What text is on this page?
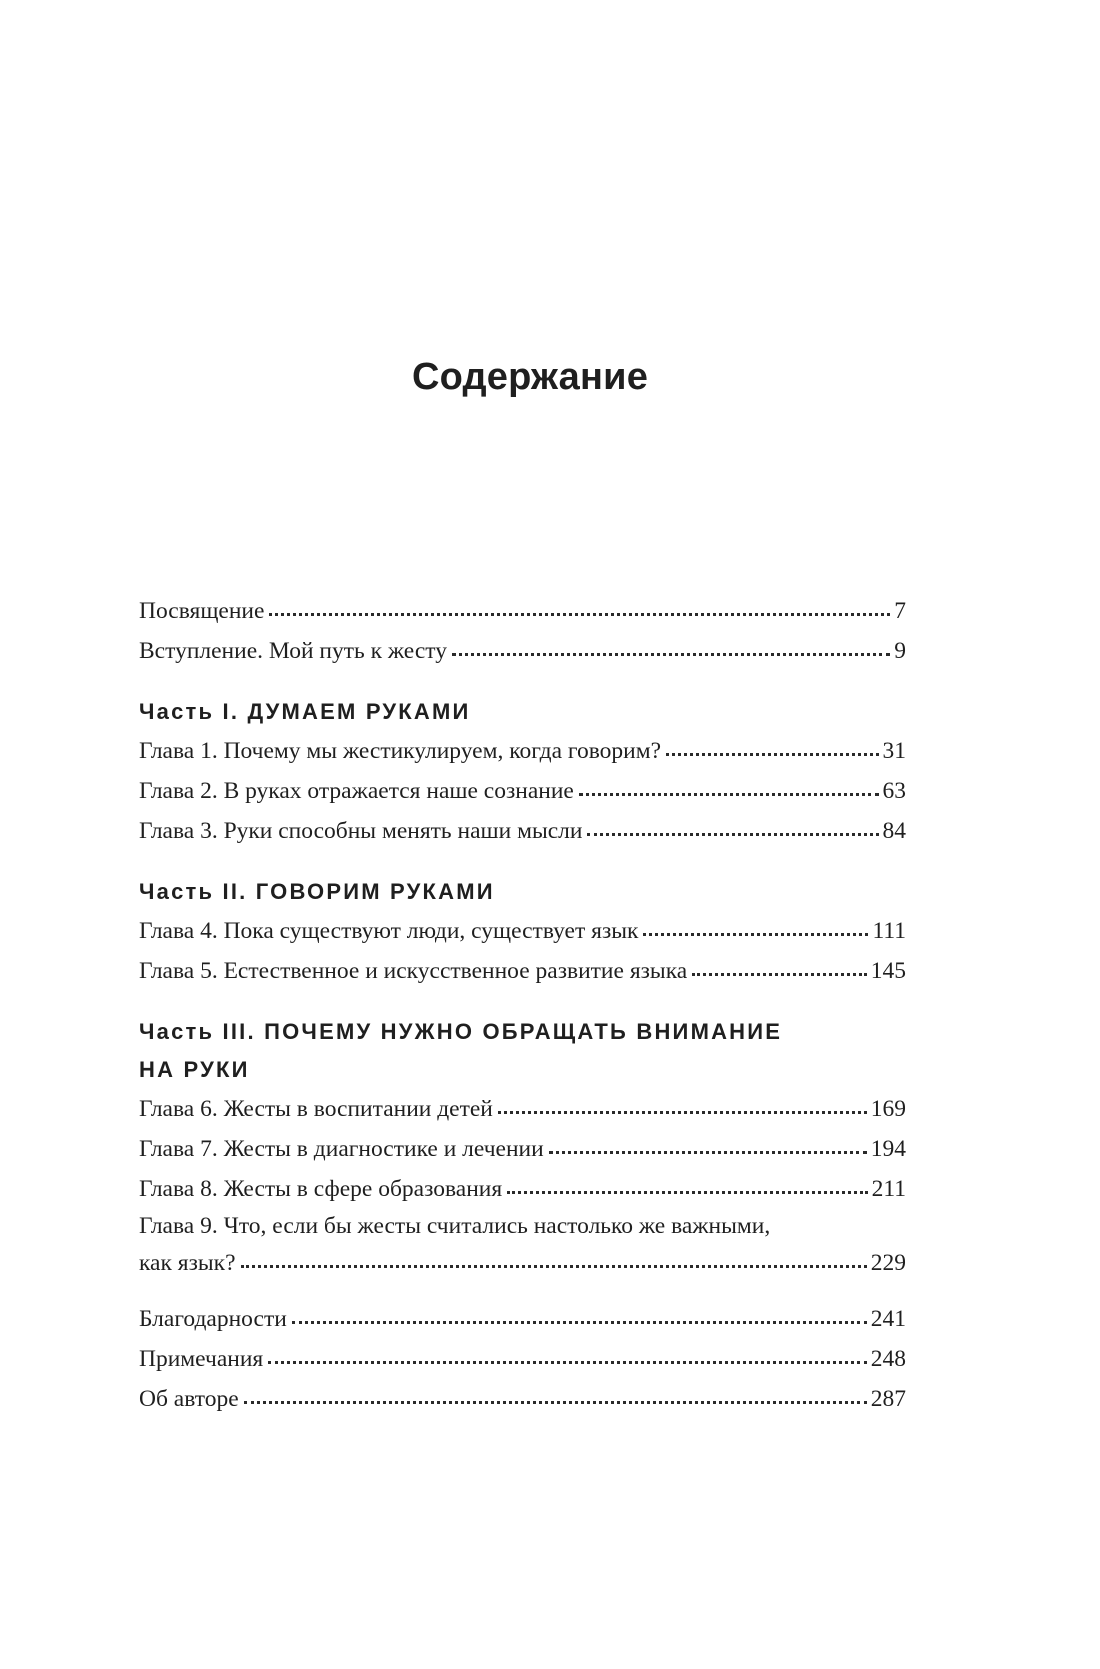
Содержание
Посвящение	7
Вступление. Мой путь к жесту	9
Часть I. ДУМАЕМ РУКАМИ
Глава 1. Почему мы жестикулируем, когда говорим?	31
Глава 2. В руках отражается наше сознание	63
Глава 3. Руки способны менять наши мысли	84
Часть II. ГОВОРИМ РУКАМИ
Глава 4. Пока существуют люди, существует язык	111
Глава 5. Естественное и искусственное развитие языка	145
Часть III. ПОЧЕМУ НУЖНО ОБРАЩАТЬ ВНИМАНИЕ
НА РУКИ
Глава 6. Жесты в воспитании детей	169
Глава 7. Жесты в диагностике и лечении	194
Глава 8. Жесты в сфере образования	211
Глава 9. Что, если бы жесты считались настолько же важными,
как язык?	229
Благодарности	241
Примечания	248
Об авторе	287
